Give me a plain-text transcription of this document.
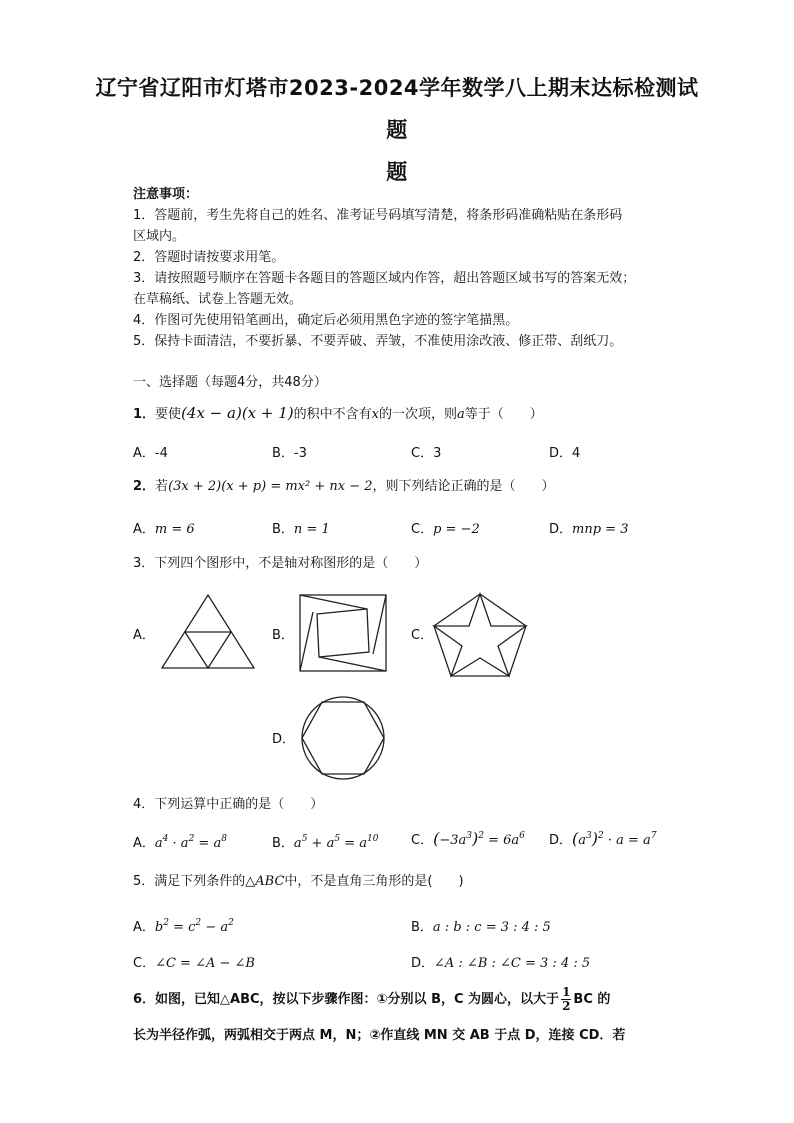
辽宁省辽阳市灯塔市2023-2024学年数学八上期末达标检测试
题
题
注意事项：
1．答题前，考生先将自己的姓名、准考证号码填写清楚，将条形码准确粘贴在条形码
区域内。
2．答题时请按要求用笔。
3．请按照题号顺序在答题卡各题目的答题区域内作答，超出答题区域书写的答案无效；
在草稿纸、试卷上答题无效。
4．作图可先使用铅笔画出，确定后必须用黑色字迹的签字笔描黑。
5．保持卡面清洁，不要折暴、不要弄破、弄皱，不准使用涂改液、修正带、刮纸刀。
一、选择题（每题4分，共48分）
1．要使(4x − a)(x + 1)的积中不含有x的一次项，则a等于（　　）
A．-4	B．-3	C．3	D．4
2．若(3x + 2)(x + p) = mx² + nx − 2，则下列结论正确的是（　　）
A．m = 6	B．n = 1	C．p = −2	D．mnp = 3
3．下列四个图形中，不是轴对称图形的是（　　）
A．	B．	C．
D．
4．下列运算中正确的是（　　）
A．$a^4 \cdot a^2 = a^8$	B．$a^5 + a^5 = a^{10}$	C．$(-3a^3)^2 = 6a^6$ D．$(a^3)^2 \cdot a = a^7$
5．满足下列条件的△ABC中，不是直角三角形的是(　　)
A．$b^2 = c^2 - a^2$	B．a : b : c = 3 : 4 : 5
C．∠C = ∠A − ∠B	D．∠A : ∠B : ∠C = 3 : 4 : 5
6．如图，已知△ABC，按以下步骤作图：①分别以 B，C 为圆心，以大于 $\frac{1}{2}$ BC 的
长为半径作弧，两弧相交于两点 M，N；②作直线 MN 交 AB 于点 D，连接 CD．若
